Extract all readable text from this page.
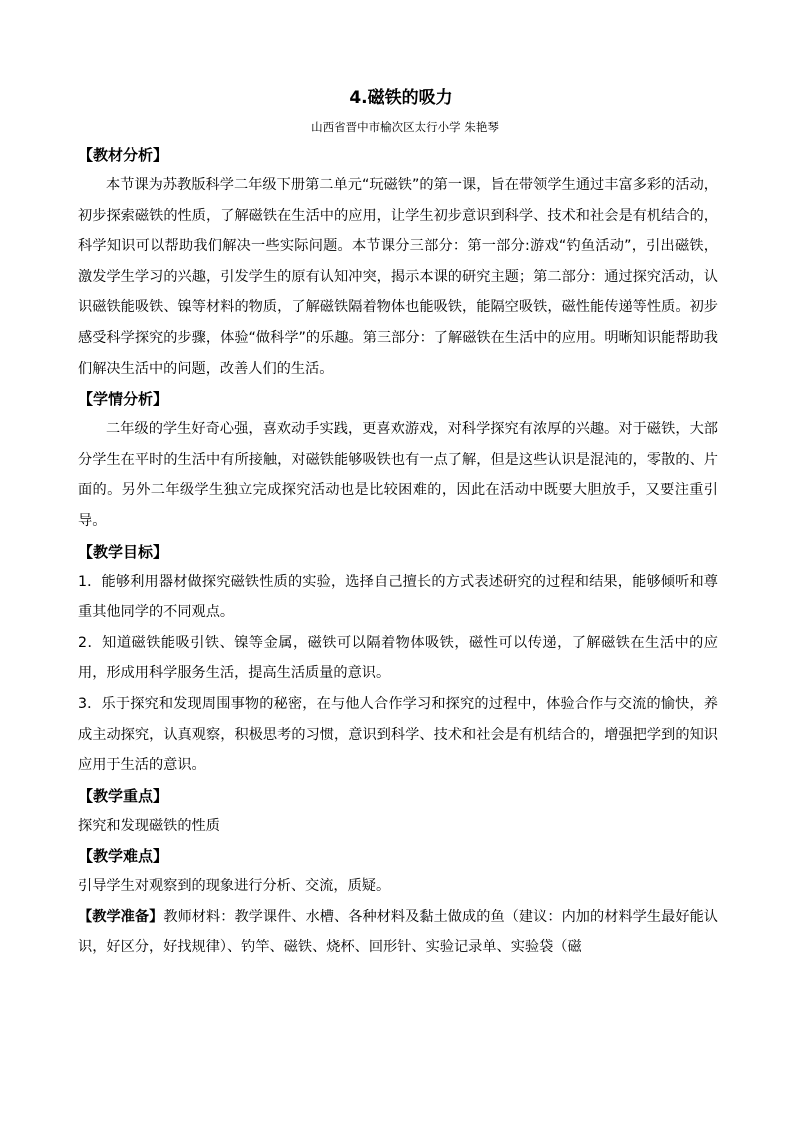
4.磁铁的吸力

山西省晋中市榆次区太行小学 朱艳琴

【教材分析】

本节课为苏教版科学二年级下册第二单元“玩磁铁”的第一课，旨在带领学生通过丰富多彩的活动，初步探索磁铁的性质，了解磁铁在生活中的应用，让学生初步意识到科学、技术和社会是有机结合的，科学知识可以帮助我们解决一些实际问题。本节课分三部分：第一部分:游戏“钓鱼活动”，引出磁铁，激发学生学习的兴趣，引发学生的原有认知冲突，揭示本课的研究主题；第二部分：通过探究活动，认识磁铁能吸铁、镍等材料的物质，了解磁铁隔着物体也能吸铁，能隔空吸铁，磁性能传递等性质。初步感受科学探究的步骤，体验“做科学”的乐趣。第三部分：了解磁铁在生活中的应用。明晰知识能帮助我们解决生活中的问题，改善人们的生活。

【学情分析】

二年级的学生好奇心强，喜欢动手实践，更喜欢游戏，对科学探究有浓厚的兴趣。对于磁铁，大部分学生在平时的生活中有所接触，对磁铁能够吸铁也有一点了解，但是这些认识是混沌的，零散的、片面的。另外二年级学生独立完成探究活动也是比较困难的，因此在活动中既要大胆放手，又要注重引导。

【教学目标】

1．能够利用器材做探究磁铁性质的实验，选择自己擅长的方式表述研究的过程和结果，能够倾听和尊重其他同学的不同观点。

2．知道磁铁能吸引铁、镍等金属，磁铁可以隔着物体吸铁，磁性可以传递，了解磁铁在生活中的应用，形成用科学服务生活，提高生活质量的意识。

3．乐于探究和发现周围事物的秘密，在与他人合作学习和探究的过程中，体验合作与交流的愉快，养成主动探究，认真观察，积极思考的习惯，意识到科学、技术和社会是有机结合的，增强把学到的知识应用于生活的意识。

【教学重点】

探究和发现磁铁的性质

【教学难点】

引导学生对观察到的现象进行分析、交流，质疑。

【教学准备】教师材料：教学课件、水槽、各种材料及黏土做成的鱼（建议：内加的材料学生最好能认识，好区分，好找规律）、钓竿、磁铁、烧杯、回形针、实验记录单、实验袋（磁
